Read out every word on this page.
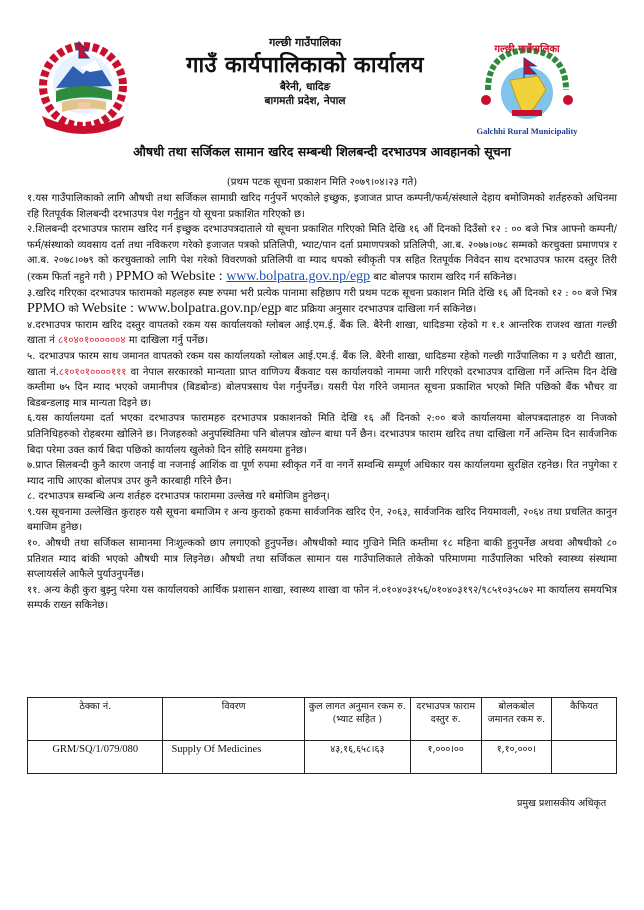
गल्छी गाउँपालिका
गाउँ कार्यपालिकाको कार्यालय
बैरेनी, धादिङ
बागमती प्रदेश, नेपाल
गल्छी गाउँपालिका
Galchhi Rural Municipality
औषधी तथा सर्जिकल सामान खरिद सम्बन्धी शिलबन्दी दरभाउपत्र आवहानको सूचना
(प्रथम पटक सूचना प्रकाशन मिति २०७९।०४।२३ गते)

१.यस गाउँपालिकाको लागि औषधी तथा सर्जिकल सामाग्री खरिद गर्नुपर्ने भएकोले इच्छुक, इजाजत प्राप्त कम्पनी/फर्म/संस्थाले देहाय बमोजिमको शर्तहरुको अधिनमा रहि रितपूर्वक शिलबन्दी दरभाउपत्र पेश गर्नुहुन यो सूचना प्रकाशित गरिएको छ।

२.शिलबन्दी दरभाउपत्र फाराम खरिद गर्न इच्छुक दरभाउपत्रदाताले यो सूचना प्रकाशित गरिएको मिति देखि १६ औं दिनको दिउँसो १२ : ०० बजे भित्र आफ्नो कम्पनी/फर्म/संस्थाको व्यवसाय दर्ता तथा नविकरण गरेको इजाजत पत्रको प्रतिलिपी, भ्याट/पान दर्ता प्रमाणपत्रको प्रतिलिपी, आ.ब. २०७७।०७८ सम्मको करचुक्ता प्रमाणपत्र र आ.ब. २०७८।०७९ को करचुक्ताको लागि पेश गरेको विवरणको प्रतिलिपी वा म्याद थपको स्वीकृती पत्र सहित रितपूर्वक निवेदन साथ दरभाउपत्र फारम दस्तुर तिरी (रकम फिर्ता नहुने गरी ) PPMO को Website : www.bolpatra.gov.np/egp बाट बोलपत्र फाराम खरिद गर्न सकिनेछ।

३.खरिद गरिएका दरभाउपत्र फारामको महलहरु स्पष्ट रुपमा भरी प्रत्येक पानामा सहिछाप गरी प्रथम पटक सूचना प्रकाशन मिति देखि १६ औं दिनको १२ : ०० बजे भित्र PPMO को Website : www.bolpatra.gov.np/egp बाट प्रक्रिया अनुसार दरभाउपत्र दाखिला गर्न सकिनेछ।

४.दरभाउपत्र फाराम खरिद दस्तुर वापतको रकम यस कार्यालयको ग्लोबल आई.एम.ई. बैंक लि. बैरेनी शाखा, धादिङमा रहेको ग १.१ आन्तरिक राजश्व खाता गल्छी खाता नं ८१०४०१००००००४ मा दाखिला गर्नु पर्नेछ।

५. दरभाउपत्र फारम साथ जमानत वापतको रकम यस कार्यालयको ग्लोबल आई.एम.ई. बैंक लि. बैरेनी शाखा, धादिङमा रहेको गल्छी गाउँपालिका ग ३ धरौटी खाता, खाता नं.८१०१०१००००१११ वा नेपाल सरकारको मान्यताा प्राप्त वाणिज्य बैंकवाट यस कार्यालयको नाममा जारी गरिएको दरभाउपत्र दाखिला गर्ने अन्तिम दिन देखि कम्तीमा ७५ दिन म्याद भएको जमानीपत्र (बिडबोन्ड) बोलपत्रसाथ पेश गर्नुपर्नेछ। यसरी पेश गरिने जमानत सूचना प्रकाशित भएको मिति पछिको बैंक भौचर वा बिडबन्डलाइ मात्र मान्यता दिइने छ।

६.यस कार्यालयमा दर्ता भएका दरभाउपत्र फारामहरु दरभाउपत्र प्रकाशनको मिति देखि १६ औं दिनको २:०० बजे कार्यालयमा बोलपत्रदाताहरु वा निजको प्रतिनिधिहरुको रोहबरमा खोलिने छ। निजहरुको अनुपस्थितिमा पनि बोलपत्र खोल्न बाधा पर्ने छैन। दरभाउपत्र फाराम खरिद तथा दाखिला गर्ने अन्तिम दिन सार्वजनिक बिदा परेमा उक्त कार्य बिदा पछिको कार्यालय खुलेको दिन सोहि समयमा हुनेछ।

७.प्राप्त सिलबन्दी कुनै कारण जनाई वा नजनाई आशिंक वा पूर्ण रुपमा स्वीकृत गर्ने वा नगर्ने सम्वन्धि सम्पूर्ण अधिकार यस कार्यालयमा सुरक्षित रहनेछ। रित नपुगेका र म्याद नाघि आएका बोलपत्र उपर कुनै कारबाही गरिने छैन।

८. दरभाउपत्र सम्बन्धि अन्य शर्तहरु दरभाउपत्र फाराममा उल्लेख गरे बमोजिम हुनेछन्।

९.यस सूचनामा उल्लेखित कुराहरु यसै सूचना बमाजिम र अन्य कुराको हकमा सार्वजनिक खरिद ऐन, २०६३, सार्वजनिक खरिद नियमावली, २०६४ तथा प्रचलित कानुन बमाजिम हुनेछ।

१०. औषधी तथा सर्जिकल सामानमा निःशुल्कको छाप लगाएको हुनुपर्नेछ। औषधीको म्याद गुज्रिने मिति कम्तीमा १८ महिना बाकी हुनुपर्नेछ अथवा औषधीको ८० प्रतिशत म्याद बांकी भएको औषधी मात्र लिइनेछ। औषधी तथा सर्जिकल सामान यस गाउँपालिकाले तोकेको परिमाणमा गाउँपालिका भरिको स्वास्थ्य संस्थामा सप्लायर्सले आफैले पुर्याउनुपर्नेछ।

११. अन्य केही कुरा बुझ्नु परेमा यस कार्यालयको आर्थिक प्रशासन शाखा, स्वास्थ्य शाखा वा फोन नं.०१०४०३१५६/०१०४०३१९२/९८५१०३५८७२ मा कार्यालय समयभित्र सम्पर्क राख्न सकिनेछ।

ठेक्का नं.	विवरण	कुल लागत अनुमान रकम रु.(भ्याट सहित )	दरभाउपत्र फाराम दस्तुर रु.	बोलकबोल जमानत रकम रु.	कैफियत
GRM/SQ/1/079/080	Supply Of Medicines	४३,१६,६५८।६३	१,०००।००	१,१०,०००।	
प्रमुख प्रशासकीय अधिकृत
